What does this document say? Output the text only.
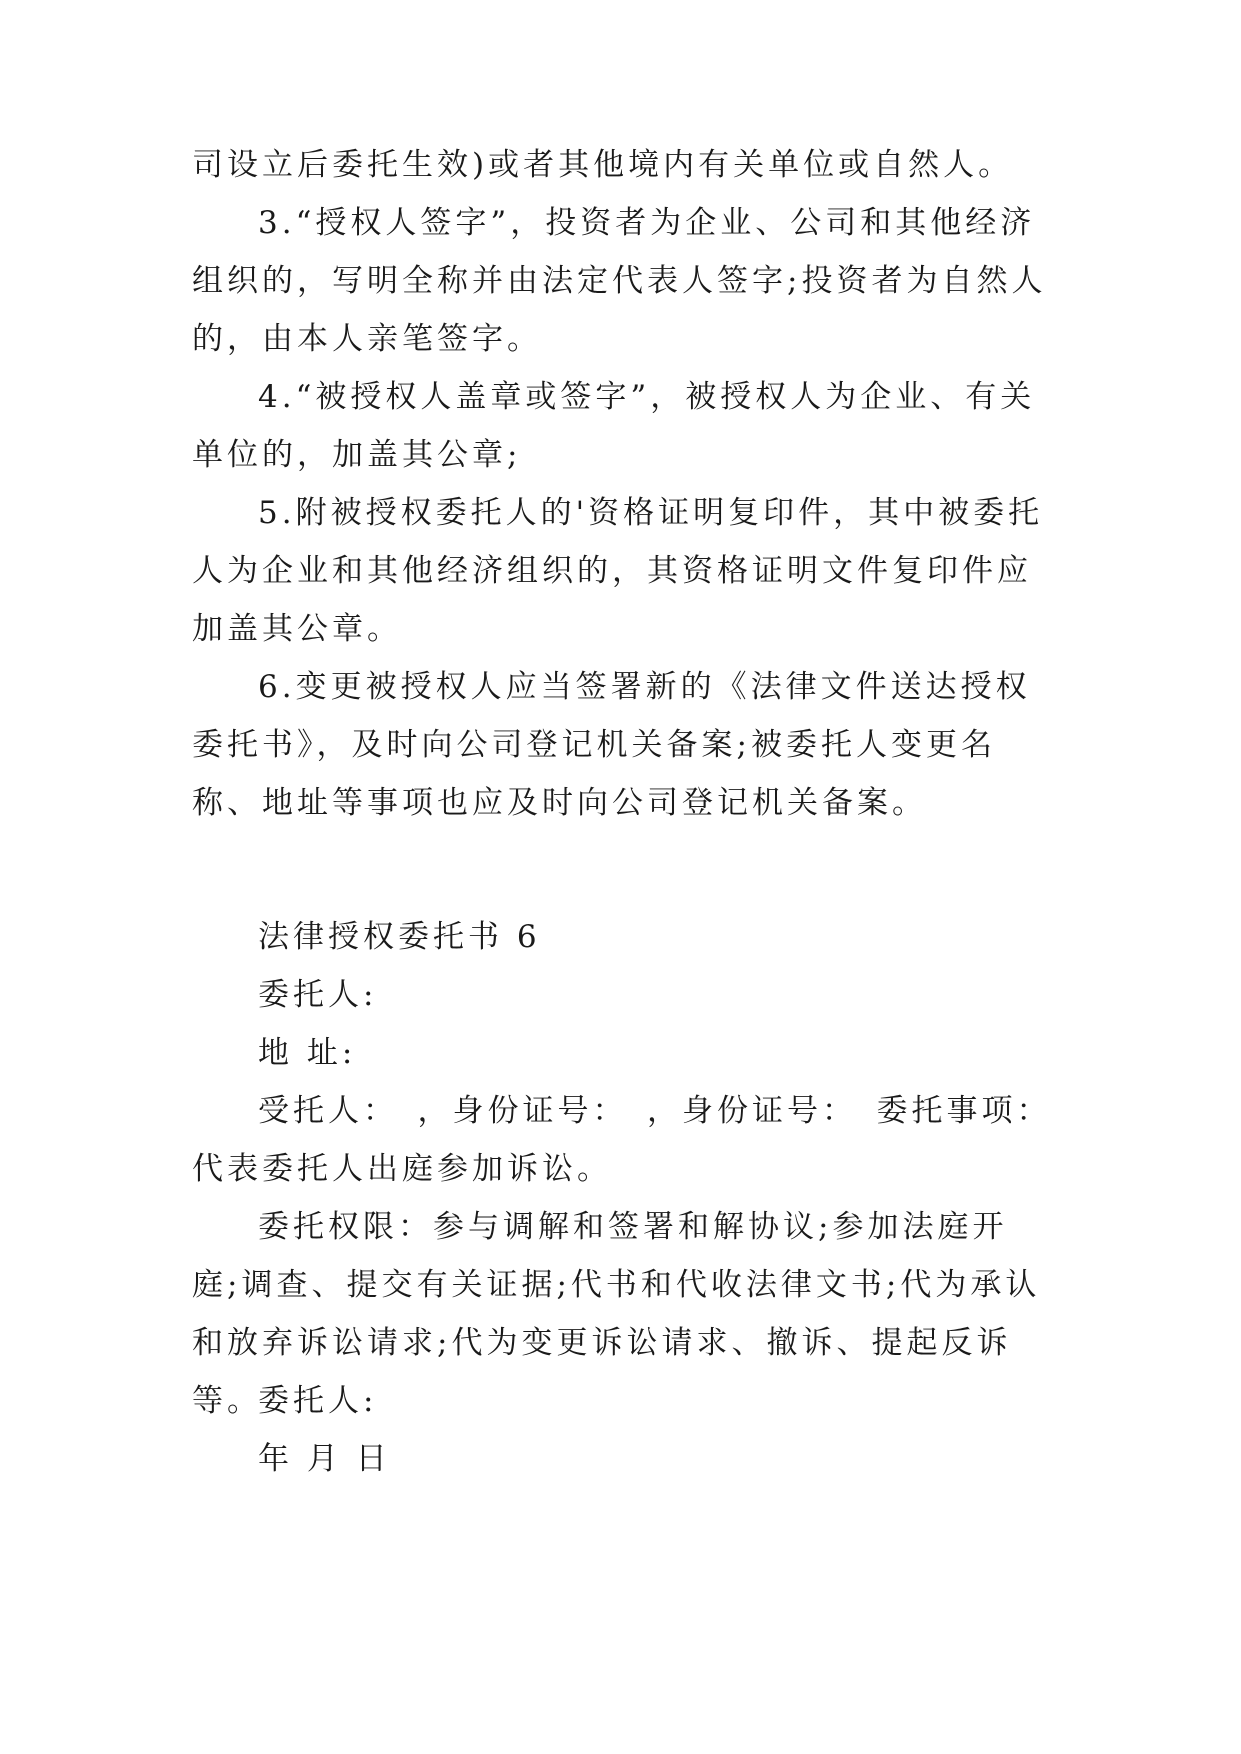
司设立后委托生效)或者其他境内有关单位或自然人。

3.“授权人签字”，投资者为企业、公司和其他经济组织的，写明全称并由法定代表人签字;投资者为自然人的，由本人亲笔签字。

4.“被授权人盖章或签字”，被授权人为企业、有关单位的，加盖其公章;

5.附被授权委托人的'资格证明复印件，其中被委托人为企业和其他经济组织的，其资格证明文件复印件应加盖其公章。

6.变更被授权人应当签署新的《法律文件送达授权委托书》，及时向公司登记机关备案;被委托人变更名称、地址等事项也应及时向公司登记机关备案。

法律授权委托书 6
委托人:
地 址:
受托人：　，身份证号：　，身份证号：　委托事项：代表委托人出庭参加诉讼。
委托权限：参与调解和签署和解协议;参加法庭开庭;调查、提交有关证据;代书和代收法律文书;代为承认和放弃诉讼请求;代为变更诉讼请求、撤诉、提起反诉等。
委托人:
年 月 日
